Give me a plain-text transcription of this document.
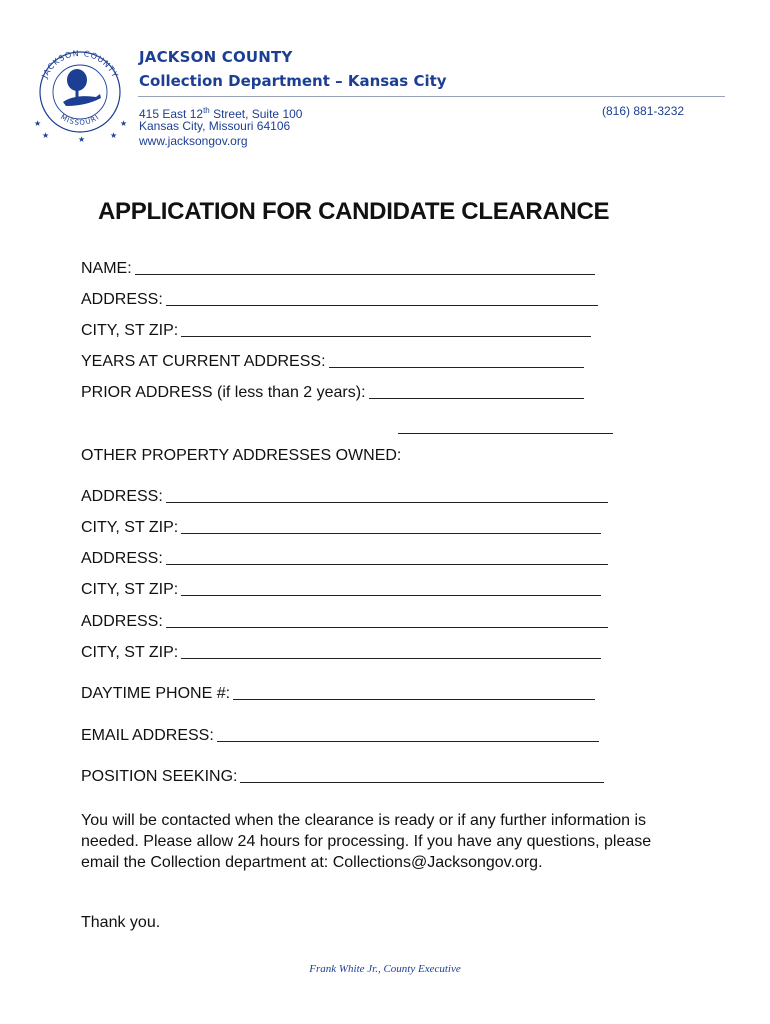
JACKSON COUNTY
MISSOURI
★
★	★	★
★
JACKSON COUNTY
Collection Department – Kansas City
415 East 12th Street, Suite 100
Kansas City, Missouri 64106
www.jacksongov.org
(816) 881-3232
APPLICATION FOR CANDIDATE CLEARANCE
NAME:
ADDRESS:
CITY, ST ZIP:
YEARS AT CURRENT ADDRESS:
PRIOR ADDRESS (if less than 2 years):
OTHER PROPERTY ADDRESSES OWNED:
ADDRESS:
CITY, ST ZIP:
ADDRESS:
CITY, ST ZIP:
ADDRESS:
CITY, ST ZIP:
DAYTIME PHONE #:
EMAIL ADDRESS:
POSITION SEEKING:
You will be contacted when the clearance is ready or if any further information is needed. Please allow 24 hours for processing. If you have any questions, please email the Collection department at: Collections@Jacksongov.org.
Thank you.
Frank White Jr., County Executive
